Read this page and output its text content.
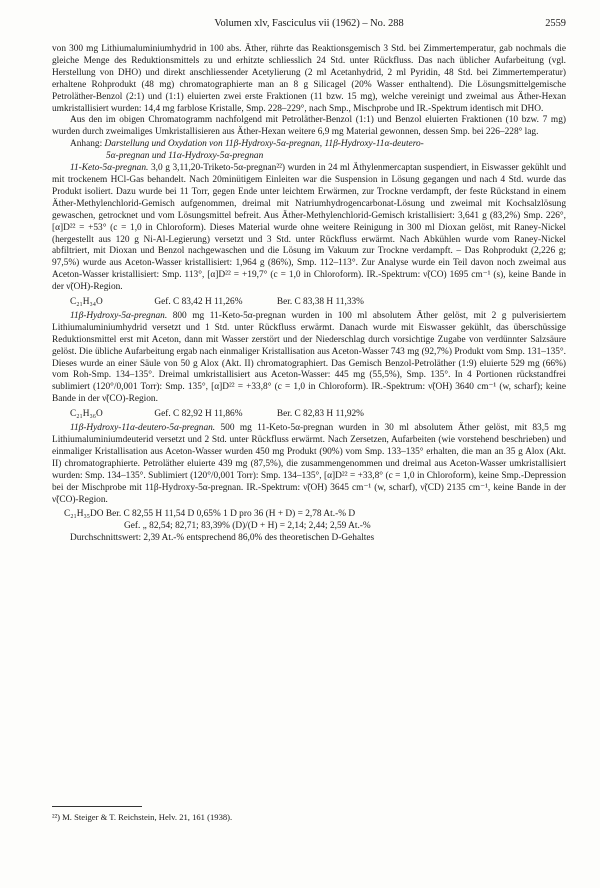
Volumen xlv, Fasciculus vii (1962) – No. 288	2559

von 300 mg Lithiumaluminiumhydrid in 100 abs. Äther, rührte das Reaktionsgemisch 3 Std. bei Zimmertemperatur, gab nochmals die gleiche Menge des Reduktionsmittels zu und erhitzte schliesslich 24 Std. unter Rückfluss. Das nach üblicher Aufarbeitung (vgl. Herstellung von DHO) und direkt anschliessender Acetylierung (2 ml Acetanhydrid, 2 ml Pyridin, 48 Std. bei Zimmertemperatur) erhaltene Rohprodukt (48 mg) chromatographierte man an 8 g Silicagel (20% Wasser enthaltend). Die Lösungsmittelgemische Petroläther-Benzol (2:1) und (1:1) eluierten zwei erste Fraktionen (11 bzw. 15 mg), welche vereinigt und zweimal aus Äther-Hexan umkristallisiert wurden: 14,4 mg farblose Kristalle, Smp. 228–229°, nach Smp., Mischprobe und IR.-Spektrum identisch mit DHO.

Aus den im obigen Chromatogramm nachfolgend mit Petroläther-Benzol (1:1) und Benzol eluierten Fraktionen (10 bzw. 7 mg) wurden durch zweimaliges Umkristallisieren aus Äther-Hexan weitere 6,9 mg Material gewonnen, dessen Smp. bei 226–228° lag.

Anhang: Darstellung und Oxydation von 11β-Hydroxy-5α-pregnan, 11β-Hydroxy-11α-deutero-
5α-pregnan und 11α-Hydroxy-5α-pregnan

11-Keto-5α-pregnan. 3,0 g 3,11,20-Triketo-5α-pregnan²²) wurden in 24 ml Äthylenmercaptan suspendiert, in Eiswasser gekühlt und mit trockenem HCl-Gas behandelt. Nach 20minütigem Einleiten war die Suspension in Lösung gegangen und nach 4 Std. wurde das Produkt isoliert. Dazu wurde bei 11 Torr, gegen Ende unter leichtem Erwärmen, zur Trockne verdampft, der feste Rückstand in einem Äther-Methylenchlorid-Gemisch aufgenommen, dreimal mit Natriumhydrogencarbonat-Lösung und zweimal mit Kochsalzlösung gewaschen, getrocknet und vom Lösungsmittel befreit. Aus Äther-Methylenchlorid-Gemisch kristallisiert: 3,641 g (83,2%) Smp. 226°, [α]D²² = +53° (c = 1,0 in Chloroform). Dieses Material wurde ohne weitere Reinigung in 300 ml Dioxan gelöst, mit Raney-Nickel (hergestellt aus 120 g Ni-Al-Legierung) versetzt und 3 Std. unter Rückfluss erwärmt. Nach Abkühlen wurde vom Raney-Nickel abfiltriert, mit Dioxan und Benzol nachgewaschen und die Lösung im Vakuum zur Trockne verdampft. – Das Rohprodukt (2,226 g; 97,5%) wurde aus Aceton-Wasser kristallisiert: 1,964 g (86%), Smp. 112–113°. Zur Analyse wurde ein Teil davon noch zweimal aus Aceton-Wasser kristallisiert: Smp. 113°, [α]D²² = +19,7° (c = 1,0 in Chloroform). IR.-Spektrum: ν̃(CO) 1695 cm⁻¹ (s), keine Bande in der ν̃(OH)-Region.

C₂₁H₃₄O	Gef. C 83,42 H 11,26%	Ber. C 83,38 H 11,33%

11β-Hydroxy-5α-pregnan. 800 mg 11-Keto-5α-pregnan wurden in 100 ml absolutem Äther gelöst, mit 2 g pulverisiertem Lithiumaluminiumhydrid versetzt und 1 Std. unter Rückfluss erwärmt. Danach wurde mit Eiswasser gekühlt, das überschüssige Reduktionsmittel erst mit Aceton, dann mit Wasser zerstört und der Niederschlag durch vorsichtige Zugabe von verdünnter Salzsäure gelöst. Die übliche Aufarbeitung ergab nach einmaliger Kristallisation aus Aceton-Wasser 743 mg (92,7%) Produkt vom Smp. 131–135°. Dieses wurde an einer Säule von 50 g Alox (Akt. II) chromatographiert. Das Gemisch Benzol-Petroläther (1:9) eluierte 529 mg (66%) vom Roh-Smp. 134–135°. Dreimal umkristallisiert aus Aceton-Wasser: 445 mg (55,5%), Smp. 135°. In 4 Portionen rückstandfrei sublimiert (120°/0,001 Torr): Smp. 135°, [α]D²² = +33,8° (c = 1,0 in Chloroform). IR.-Spektrum: ν̃(OH) 3640 cm⁻¹ (w, scharf); keine Bande in der ν̃(CO)-Region.

C₂₁H₃₆O	Gef. C 82,92 H 11,86%	Ber. C 82,83 H 11,92%

11β-Hydroxy-11α-deutero-5α-pregnan. 500 mg 11-Keto-5α-pregnan wurden in 30 ml absolutem Äther gelöst, mit 83,5 mg Lithiumaluminiumdeuterid versetzt und 2 Std. unter Rückfluss erwärmt. Nach Zersetzen, Aufarbeiten (wie vorstehend beschrieben) und einmaliger Kristallisation aus Aceton-Wasser wurden 450 mg Produkt (90%) vom Smp. 133–135° erhalten, die man an 35 g Alox (Akt. II) chromatographierte. Petroläther eluierte 439 mg (87,5%), die zusammengenommen und dreimal aus Aceton-Wasser umkristallisiert wurden: Smp. 134–135°. Sublimiert (120°/0,001 Torr): Smp. 134–135°, [α]D²² = +33,8° (c = 1,0 in Chloroform), keine Smp.-Depression bei der Mischprobe mit 11β-Hydroxy-5α-pregnan. IR.-Spektrum: ν̃(OH) 3645 cm⁻¹ (w, scharf), ν̃(CD) 2135 cm⁻¹, keine Bande in der ν̃(CO)-Region.

C₂₁H₃₅DO Ber. C 82,55 H 11,54 D 0,65% 1 D pro 36 (H + D) = 2,78 At.-% D
Gef. „ 82,54; 82,71; 83,39% (D)/(D + H) = 2,14; 2,44; 2,59 At.-%
Durchschnittswert: 2,39 At.-% entsprechend 86,0% des theoretischen D-Gehaltes
²²) M. Steiger & T. Reichstein, Helv. 21, 161 (1938).
